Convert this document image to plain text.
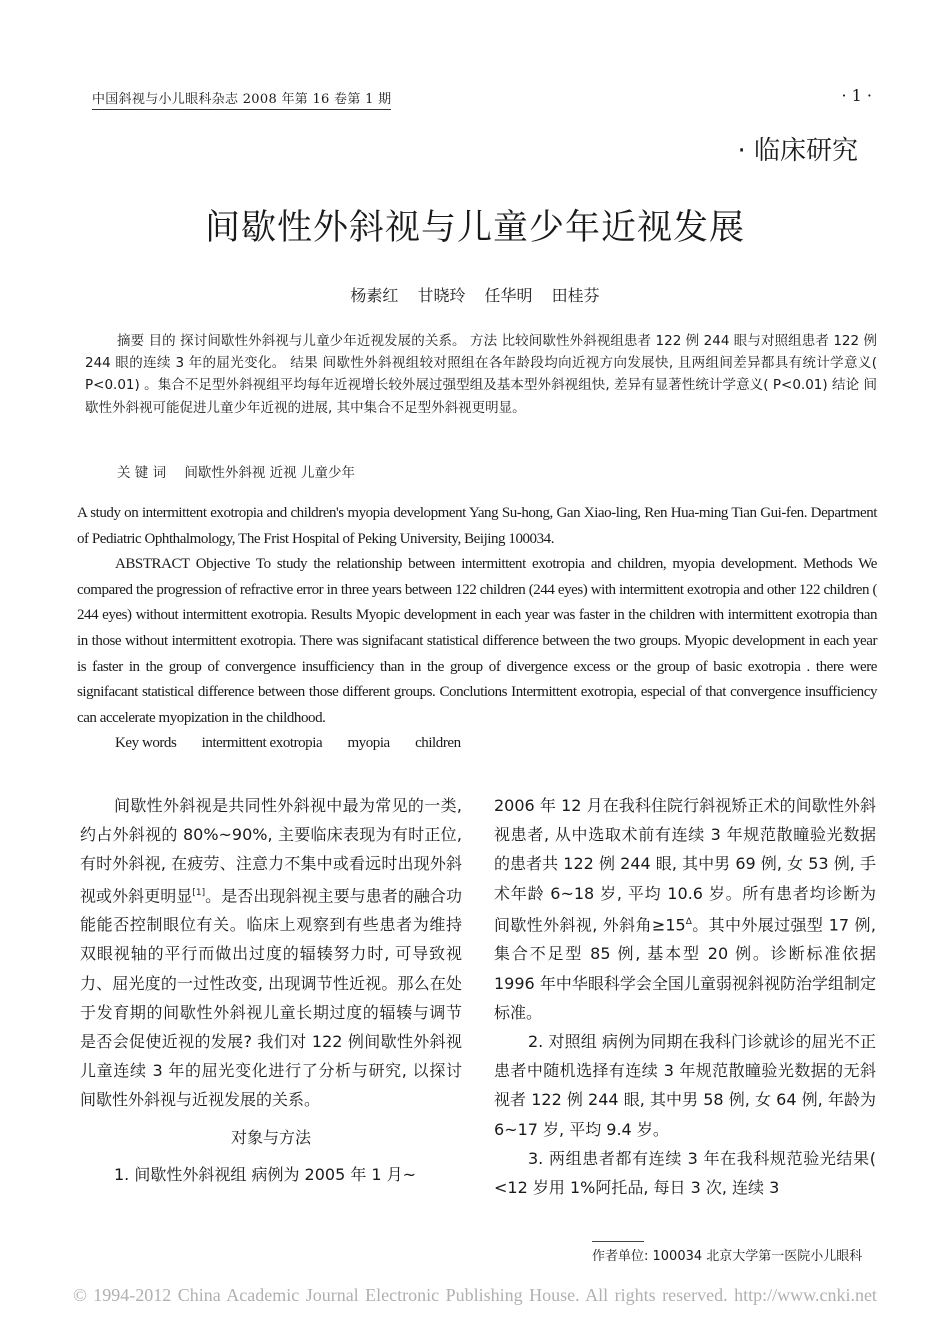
中国斜视与小儿眼科杂志 2008 年第 16 卷第 1 期	· 1 ·
· 临床研究
间歇性外斜视与儿童少年近视发展
杨素红 甘晓玲 任华明 田桂芬
摘要 目的 探讨间歇性外斜视与儿童少年近视发展的关系。 方法 比较间歇性外斜视组患者 122 例 244 眼与对照组患者 122 例 244 眼的连续 3 年的屈光变化。 结果 间歇性外斜视组较对照组在各年龄段均向近视方向发展快, 且两组间差异都具有统计学意义( P<0.01) 。集合不足型外斜视组平均每年近视增长较外展过强型组及基本型外斜视组快, 差异有显著性统计学意义( P<0.01) 结论 间歇性外斜视可能促进儿童少年近视的进展, 其中集合不足型外斜视更明显。
关 键 词 间歇性外斜视 近视 儿童少年

A study on intermittent exotropia and children's myopia development Yang Su-hong, Gan Xiao-ling, Ren Hua-ming Tian Gui-fen. Department of Pediatric Ophthalmology, The Frist Hospital of Peking University, Beijing 100034.

ABSTRACT Objective To study the relationship between intermittent exotropia and children, myopia development. Methods We compared the progression of refractive error in three years between 122 children (244 eyes) with intermittent exotropia and other 122 children ( 244 eyes) without intermittent exotropia. Results Myopic development in each year was faster in the children with intermittent exotropia than in those without intermittent exotropia. There was signifacant statistical difference between the two groups. Myopic development in each year is faster in the group of convergence insufficiency than in the group of divergence excess or the group of basic exotropia . there were signifacant statistical difference between those different groups. Conclutions Intermittent exotropia, especial of that convergence insufficiency can accelerate myopization in the childhood.

Key words intermittent exotropia myopia children

间歇性外斜视是共同性外斜视中最为常见的一类, 约占外斜视的 80%~90%, 主要临床表现为有时正位, 有时外斜视, 在疲劳、注意力不集中或看远时出现外斜视或外斜更明显[1]。是否出现斜视主要与患者的融合功能能否控制眼位有关。临床上观察到有些患者为维持双眼视轴的平行而做出过度的辐辏努力时, 可导致视力、屈光度的一过性改变, 出现调节性近视。那么在处于发育期的间歇性外斜视儿童长期过度的辐辏与调节是否会促使近视的发展? 我们对 122 例间歇性外斜视儿童连续 3 年的屈光变化进行了分析与研究, 以探讨间歇性外斜视与近视发展的关系。

对象与方法

1. 间歇性外斜视组 病例为 2005 年 1 月~

2006 年 12 月在我科住院行斜视矫正术的间歇性外斜视患者, 从中选取术前有连续 3 年规范散瞳验光数据的患者共 122 例 244 眼, 其中男 69 例, 女 53 例, 手术年龄 6~18 岁, 平均 10.6 岁。所有患者均诊断为间歇性外斜视, 外斜角$\ge 15^\Delta$。其中外展过强型 17 例, 集合不足型 85 例, 基本型 20 例。诊断标准依据 1996 年中华眼科学会全国儿童弱视斜视防治学组制定标准。

2. 对照组 病例为同期在我科门诊就诊的屈光不正患者中随机选择有连续 3 年规范散瞳验光数据的无斜视者 122 例 244 眼, 其中男 58 例, 女 64 例, 年龄为 6~17 岁, 平均 9.4 岁。

3. 两组患者都有连续 3 年在我科规范验光结果( <12 岁用 1%阿托品, 每日 3 次, 连续 3

作者单位: 100034 北京大学第一医院小儿眼科
© 1994-2012 China Academic Journal Electronic Publishing House. All rights reserved. http://www.cnki.net
